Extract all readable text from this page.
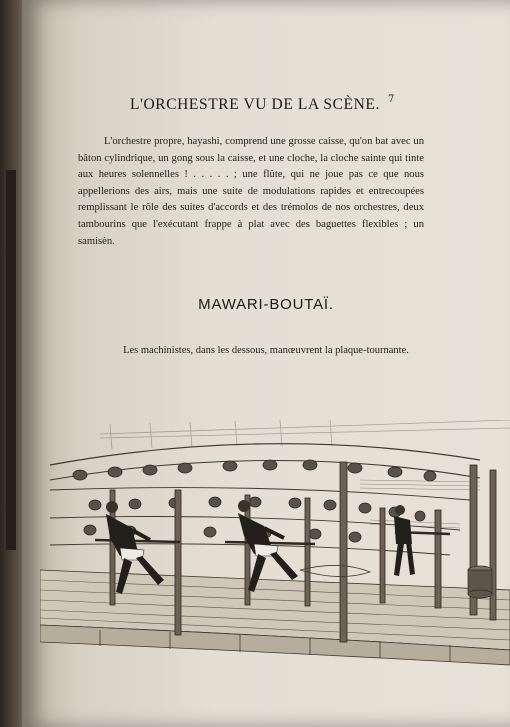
L'ORCHESTRE VU DE LA SCÈNE. 7
L'orchestre propre, hayashi, comprend une grosse caisse, qu'on bat avec un bâton cylindrique, un gong sous la caisse, et une cloche, la cloche sainte qui tinte aux heures solennelles ! . . . . . ; une flûte, qui ne joue pas ce que nous appellerions des airs, mais une suite de modulations rapides et entrecoupées remplissant le rôle des suites d'accords et des trémolos de nos orchestres, deux tambourins que l'exécutant frappe à plat avec des baguettes flexibles ; un samisèn.
MAWARI-BOUTAÏ.
Les machinistes, dans les dessous, manœuvrent la plaque-tournante.
